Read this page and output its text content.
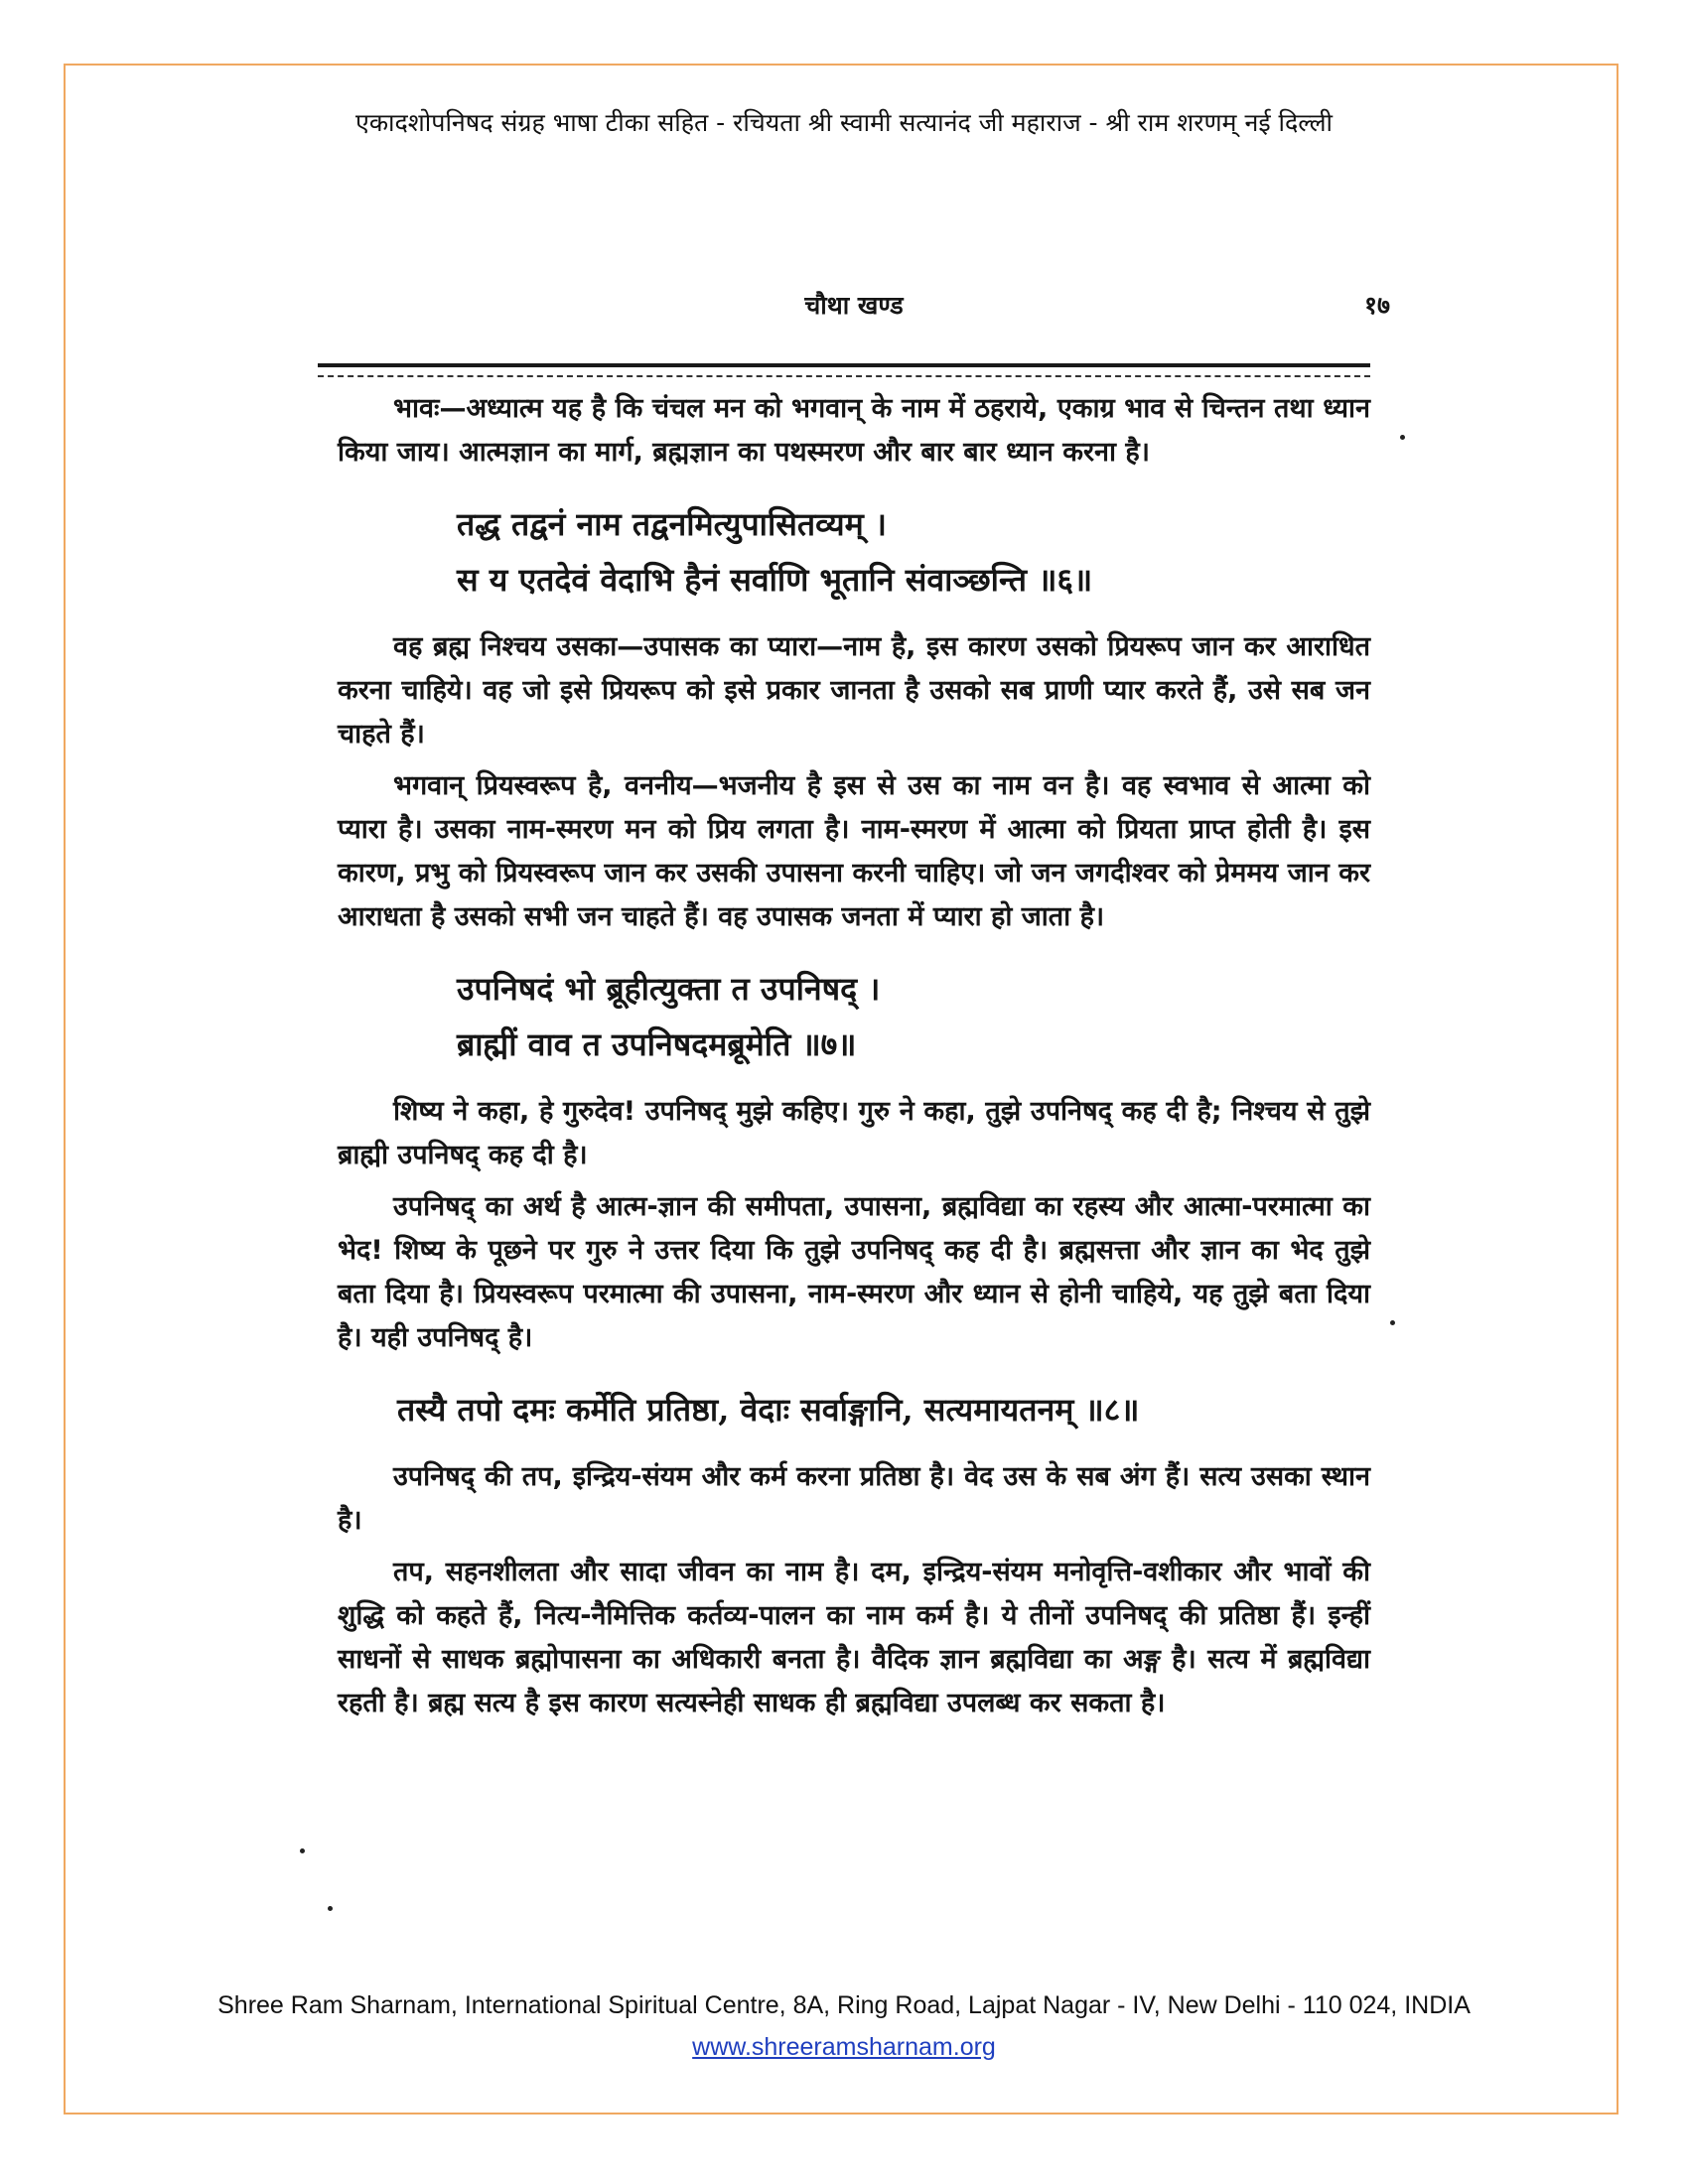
एकादशोपनिषद संग्रह भाषा टीका सहित - रचियता श्री स्वामी सत्यानंद जी महाराज - श्री राम शरणम् नई दिल्ली
चौथा खण्ड	१७

भावः—अध्यात्म यह है कि चंचल मन को भगवान् के नाम में ठहराये, एकाग्र भाव से चिन्तन तथा ध्यान किया जाय। आत्मज्ञान का मार्ग, ब्रह्मज्ञान का पथस्मरण और बार बार ध्यान करना है।

तद्ध तद्वनं नाम तद्वनमित्युपासितव्यम् ।
स य एतदेवं वेदाभि हैनं सर्वाणि भूतानि संवाञ्छन्ति ॥६॥

वह ब्रह्म निश्चय उसका—उपासक का प्यारा—नाम है, इस कारण उसको प्रियरूप जान कर आराधित करना चाहिये। वह जो इसे प्रियरूप को इसे प्रकार जानता है उसको सब प्राणी प्यार करते हैं, उसे सब जन चाहते हैं।

भगवान् प्रियस्वरूप है, वननीय—भजनीय है इस से उस का नाम वन है। वह स्वभाव से आत्मा को प्यारा है। उसका नाम-स्मरण मन को प्रिय लगता है। नाम-स्मरण में आत्मा को प्रियता प्राप्त होती है। इस कारण, प्रभु को प्रियस्वरूप जान कर उसकी उपासना करनी चाहिए। जो जन जगदीश्वर को प्रेममय जान कर आराधता है उसको सभी जन चाहते हैं। वह उपासक जनता में प्यारा हो जाता है।

उपनिषदं भो ब्रूहीत्युक्ता त उपनिषद् ।
ब्राह्मीं वाव त उपनिषदमब्रूमेति ॥७॥

शिष्य ने कहा, हे गुरुदेव! उपनिषद् मुझे कहिए। गुरु ने कहा, तुझे उपनिषद् कह दी है; निश्चय से तुझे ब्राह्मी उपनिषद् कह दी है।

उपनिषद् का अर्थ है आत्म-ज्ञान की समीपता, उपासना, ब्रह्मविद्या का रहस्य और आत्मा-परमात्मा का भेद! शिष्य के पूछने पर गुरु ने उत्तर दिया कि तुझे उपनिषद् कह दी है। ब्रह्मसत्ता और ज्ञान का भेद तुझे बता दिया है। प्रियस्वरूप परमात्मा की उपासना, नाम-स्मरण और ध्यान से होनी चाहिये, यह तुझे बता दिया है। यही उपनिषद् है।

तस्यै तपो दमः कर्मेति प्रतिष्ठा, वेदाः सर्वाङ्गानि, सत्यमायतनम् ॥८॥

उपनिषद् की तप, इन्द्रिय-संयम और कर्म करना प्रतिष्ठा है। वेद उस के सब अंग हैं। सत्य उसका स्थान है।

तप, सहनशीलता और सादा जीवन का नाम है। दम, इन्द्रिय-संयम मनोवृत्ति-वशीकार और भावों की शुद्धि को कहते हैं, नित्य-नैमित्तिक कर्तव्य-पालन का नाम कर्म है। ये तीनों उपनिषद् की प्रतिष्ठा हैं। इन्हीं साधनों से साधक ब्रह्मोपासना का अधिकारी बनता है। वैदिक ज्ञान ब्रह्मविद्या का अङ्ग है। सत्य में ब्रह्मविद्या रहती है। ब्रह्म सत्य है इस कारण सत्यस्नेही साधक ही ब्रह्मविद्या उपलब्ध कर सकता है।

Shree Ram Sharnam, International Spiritual Centre, 8A, Ring Road, Lajpat Nagar - IV, New Delhi - 110 024, INDIA
www.shreeramsharnam.org
